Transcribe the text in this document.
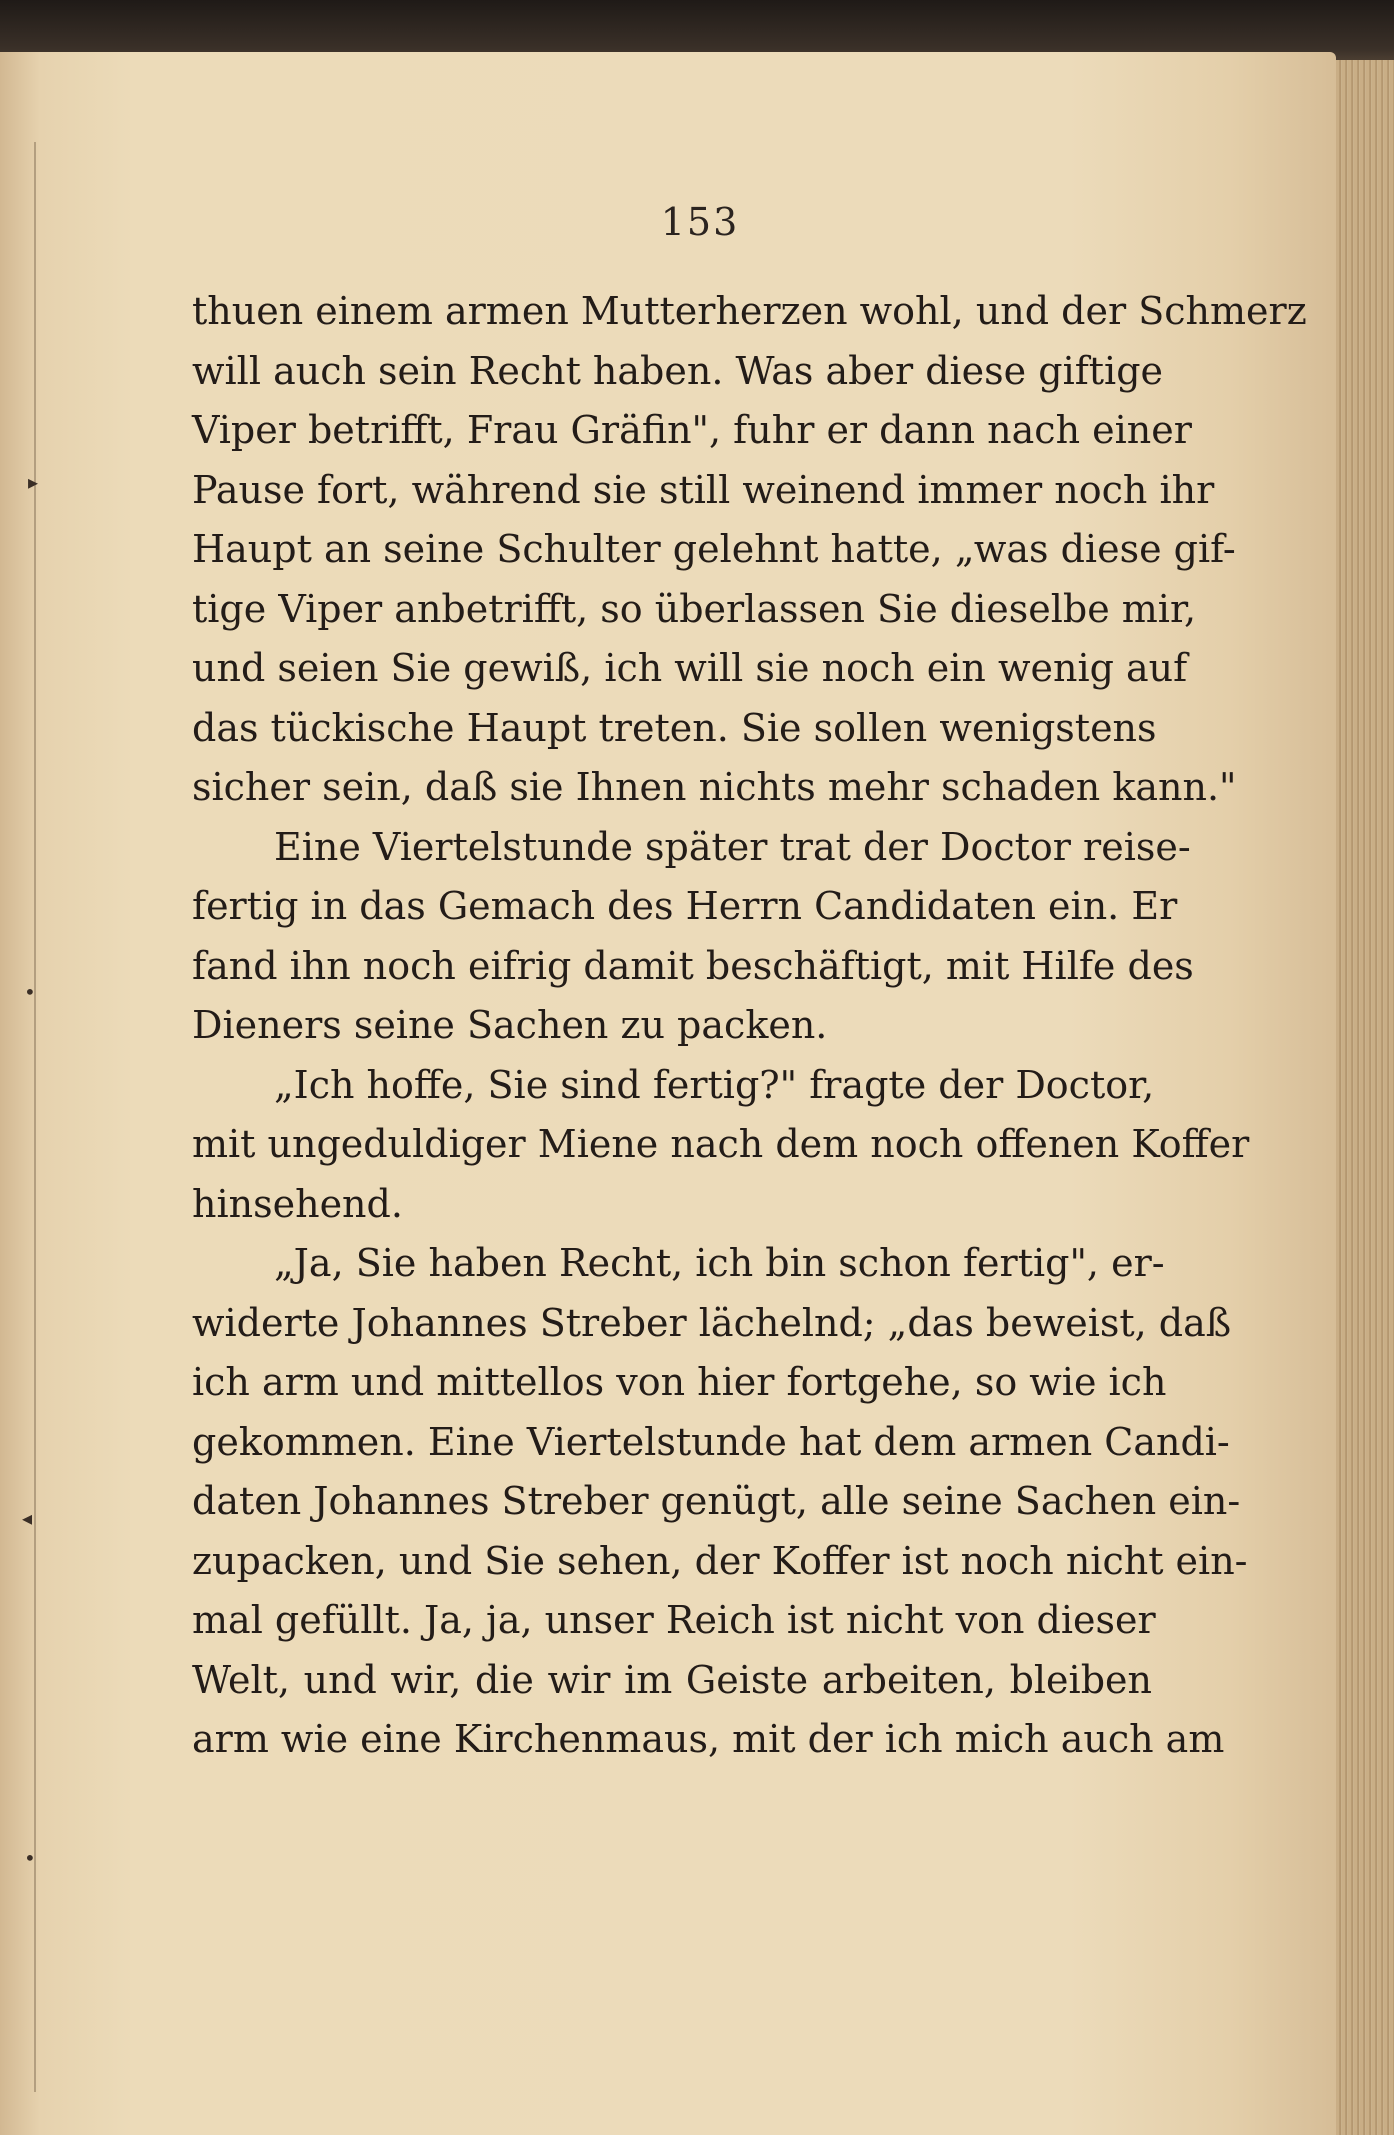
▸
•
◂
•
153
thuen einem armen Mutterherzen wohl, und der Schmerz
will auch sein Recht haben. Was aber diese giftige
Viper betrifft, Frau Gräfin", fuhr er dann nach einer
Pause fort, während sie still weinend immer noch ihr
Haupt an seine Schulter gelehnt hatte, „was diese gif-
tige Viper anbetrifft, so überlassen Sie dieselbe mir,
und seien Sie gewiß, ich will sie noch ein wenig auf
das tückische Haupt treten. Sie sollen wenigstens
sicher sein, daß sie Ihnen nichts mehr schaden kann."
Eine Viertelstunde später trat der Doctor reise-
fertig in das Gemach des Herrn Candidaten ein. Er
fand ihn noch eifrig damit beschäftigt, mit Hilfe des
Dieners seine Sachen zu packen.
„Ich hoffe, Sie sind fertig?" fragte der Doctor,
mit ungeduldiger Miene nach dem noch offenen Koffer
hinsehend.
„Ja, Sie haben Recht, ich bin schon fertig", er-
widerte Johannes Streber lächelnd; „das beweist, daß
ich arm und mittellos von hier fortgehe, so wie ich
gekommen. Eine Viertelstunde hat dem armen Candi-
daten Johannes Streber genügt, alle seine Sachen ein-
zupacken, und Sie sehen, der Koffer ist noch nicht ein-
mal gefüllt. Ja, ja, unser Reich ist nicht von dieser
Welt, und wir, die wir im Geiste arbeiten, bleiben
arm wie eine Kirchenmaus, mit der ich mich auch am
